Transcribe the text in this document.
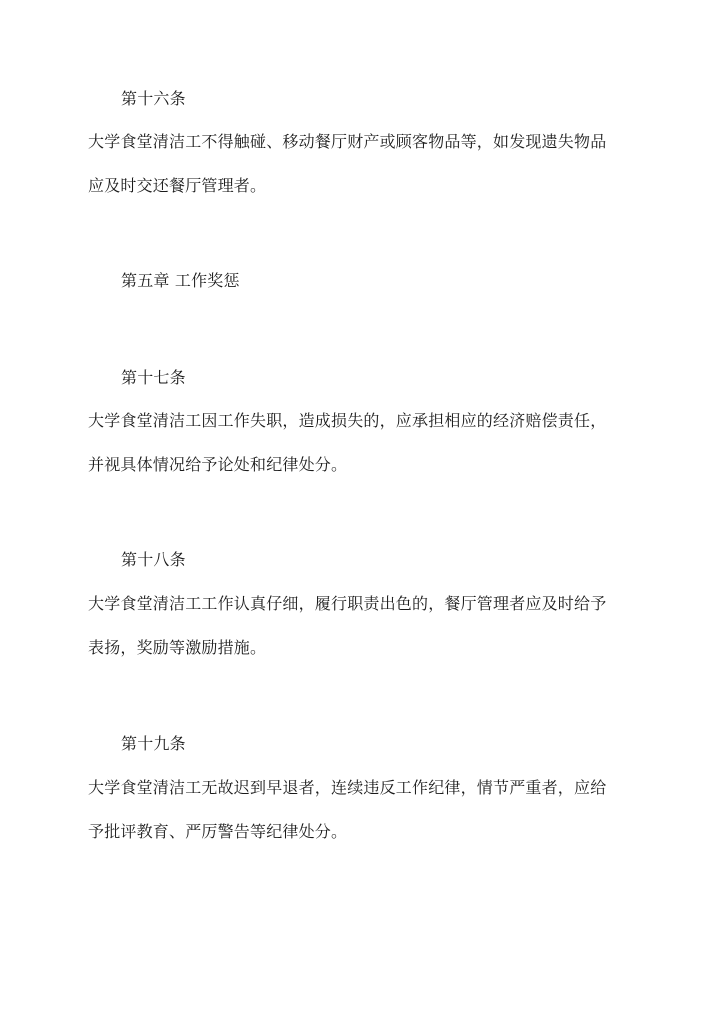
第十六条
大学食堂清洁工不得触碰、移动餐厅财产或顾客物品等，如发现遗失物品
应及时交还餐厅管理者。
第五章 工作奖惩
第十七条
大学食堂清洁工因工作失职，造成损失的，应承担相应的经济赔偿责任，
并视具体情况给予论处和纪律处分。
第十八条
大学食堂清洁工工作认真仔细，履行职责出色的，餐厅管理者应及时给予
表扬，奖励等激励措施。
第十九条
大学食堂清洁工无故迟到早退者，连续违反工作纪律，情节严重者，应给
予批评教育、严厉警告等纪律处分。
